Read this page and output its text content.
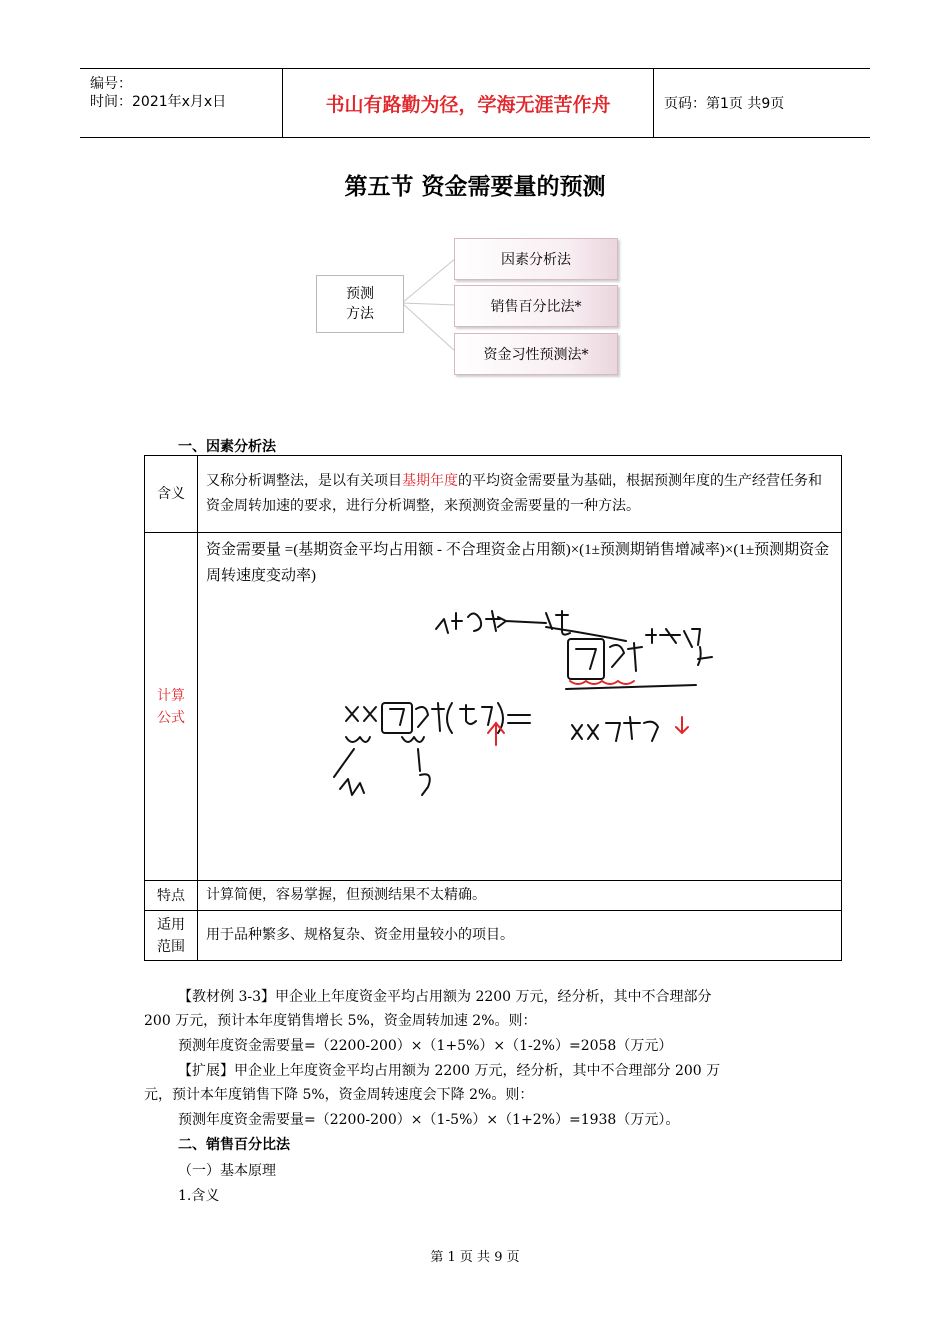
编号：
时间：2021年x月x日	书山有路勤为径，学海无涯苦作舟	页码：第1页 共9页
第五节 资金需要量的预测
预测
方法
因素分析法
销售百分比法*
资金习性预测法*
一、因素分析法
含义	又称分析调整法，是以有关项目基期年度的平均资金需要量为基础，根据预测年度的生产经营任务和资金周转加速的要求，进行分析调整，来预测资金需要量的一种方法。
计算
公式	资金需要量 =(基期资金平均占用额 - 不合理资金占用额)×(1±预测期销售增减率)×(1±预测期资金周转速度变动率)

特点	计算简便，容易掌握，但预测结果不太精确。
适用
范围	用于品种繁多、规格复杂、资金用量较小的项目。
【教材例 3-3】甲企业上年度资金平均占用额为 2200 万元，经分析，其中不合理部分
200 万元，预计本年度销售增长 5%，资金周转加速 2%。则：
预测年度资金需要量=（2200-200）×（1+5%）×（1-2%）=2058（万元）
【扩展】甲企业上年度资金平均占用额为 2200 万元，经分析，其中不合理部分 200 万
元，预计本年度销售下降 5%，资金周转速度会下降 2%。则：
预测年度资金需要量=（2200-200）×（1-5%）×（1+2%）=1938（万元）。
二、销售百分比法
（一）基本原理
1.含义
第 1 页 共 9 页
